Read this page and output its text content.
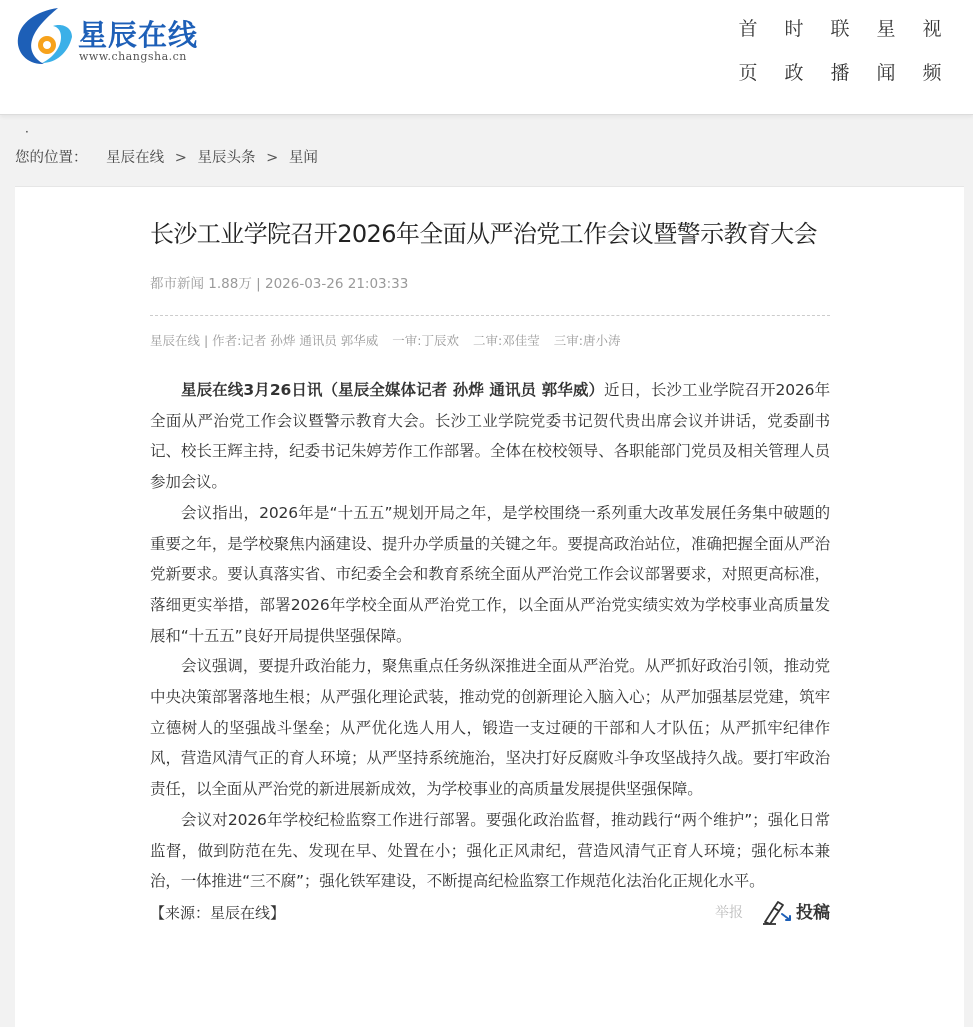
星辰在线
www.changsha.cn
首
页
时
政
联
播
星
闻
视
频
·
您的位置： 星辰在线 > 星辰头条 > 星闻
长沙工业学院召开2026年全面从严治党工作会议暨警示教育大会
都市新闻 1.88万 | 2026-03-26 21:03:33
星辰在线 | 作者:记者 孙烨 通讯员 郭华威 一审:丁辰欢 二审:邓佳莹 三审:唐小涛

星辰在线3月26日讯（星辰全媒体记者 孙烨 通讯员 郭华威）近日，长沙工业学院召开2026年全面从严治党工作会议暨警示教育大会。长沙工业学院党委书记贺代贵出席会议并讲话，党委副书记、校长王辉主持，纪委书记朱婷芳作工作部署。全体在校校领导、各职能部门党员及相关管理人员参加会议。

会议指出，2026年是“十五五”规划开局之年，是学校围绕一系列重大改革发展任务集中破题的重要之年，是学校聚焦内涵建设、提升办学质量的关键之年。要提高政治站位，准确把握全面从严治党新要求。要认真落实省、市纪委全会和教育系统全面从严治党工作会议部署要求，对照更高标准，落细更实举措，部署2026年学校全面从严治党工作，以全面从严治党实绩实效为学校事业高质量发展和“十五五”良好开局提供坚强保障。

会议强调，要提升政治能力，聚焦重点任务纵深推进全面从严治党。从严抓好政治引领，推动党中央决策部署落地生根；从严强化理论武装，推动党的创新理论入脑入心；从严加强基层党建，筑牢立德树人的坚强战斗堡垒；从严优化选人用人，锻造一支过硬的干部和人才队伍；从严抓牢纪律作风，营造风清气正的育人环境；从严坚持系统施治，坚决打好反腐败斗争攻坚战持久战。要打牢政治责任，以全面从严治党的新进展新成效，为学校事业的高质量发展提供坚强保障。

会议对2026年学校纪检监察工作进行部署。要强化政治监督，推动践行“两个维护”；强化日常监督，做到防范在先、发现在早、处置在小；强化正风肃纪，营造风清气正育人环境；强化标本兼治，一体推进“三不腐”；强化铁军建设，不断提高纪检监察工作规范化法治化正规化水平。

【来源：星辰在线】	举报	投稿
